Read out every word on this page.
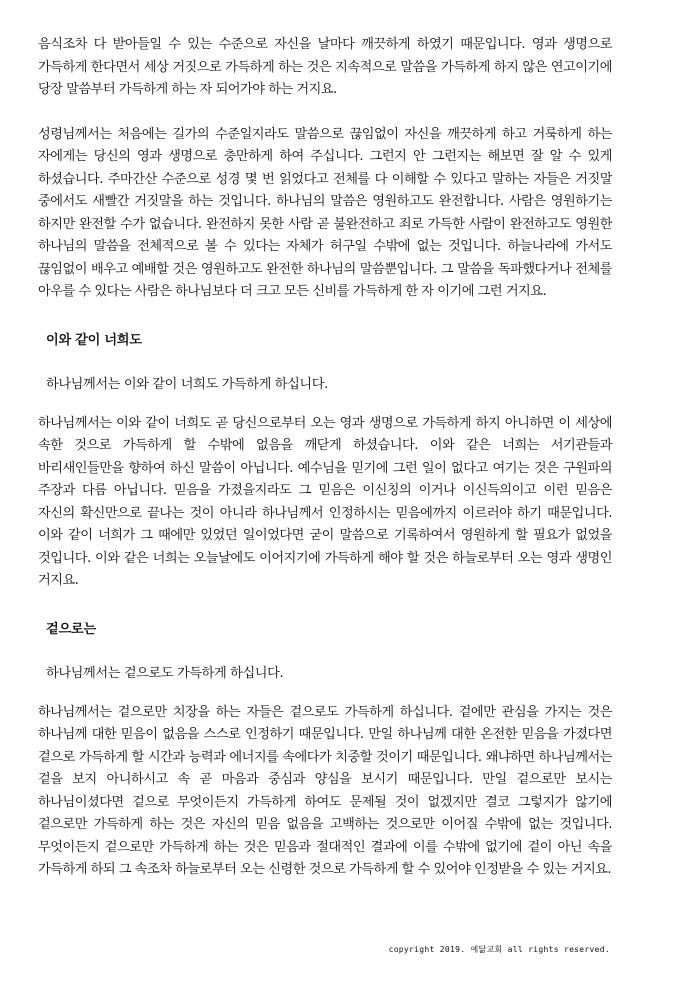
음식조차 다 받아들일 수 있는 수준으로 자신을 날마다 깨끗하게 하였기 때문입니다. 영과 생명으로 가득하게 한다면서 세상 거짓으로 가득하게 하는 것은 지속적으로 말씀을 가득하게 하지 않은 연고이기에 당장 말씀부터 가득하게 하는 자 되어가야 하는 거지요.

성령님께서는 처음에는 길가의 수준일지라도 말씀으로 끊임없이 자신을 깨끗하게 하고 거룩하게 하는 자에게는 당신의 영과 생명으로 충만하게 하여 주십니다. 그런지 안 그런지는 해보면 잘 알 수 있게 하셨습니다. 주마간산 수준으로 성경 몇 번 읽었다고 전체를 다 이해할 수 있다고 말하는 자들은 거짓말 중에서도 새빨간 거짓말을 하는 것입니다. 하나님의 말씀은 영원하고도 완전합니다. 사람은 영원하기는 하지만 완전할 수가 없습니다. 완전하지 못한 사람 곧 불완전하고 죄로 가득한 사람이 완전하고도 영원한 하나님의 말씀을 전체적으로 볼 수 있다는 자체가 허구일 수밖에 없는 것입니다. 하늘나라에 가서도 끊임없이 배우고 예배할 것은 영원하고도 완전한 하나님의 말씀뿐입니다. 그 말씀을 독파했다거나 전체를 아우를 수 있다는 사람은 하나님보다 더 크고 모든 신비를 가득하게 한 자 이기에 그런 거지요.

이와 같이 너희도

하나님께서는 이와 같이 너희도 가득하게 하십니다.

하나님께서는 이와 같이 너희도 곧 당신으로부터 오는 영과 생명으로 가득하게 하지 아니하면 이 세상에 속한 것으로 가득하게 할 수밖에 없음을 깨닫게 하셨습니다. 이와 같은 너희는 서기관들과 바리새인들만을 향하여 하신 말씀이 아닙니다. 예수님을 믿기에 그런 일이 없다고 여기는 것은 구원파의 주장과 다름 아닙니다. 믿음을 가졌을지라도 그 믿음은 이신칭의 이거나 이신득의이고 이런 믿음은 자신의 확신만으로 끝나는 것이 아니라 하나님께서 인정하시는 믿음에까지 이르러야 하기 때문입니다. 이와 같이 너희가 그 때에만 있었던 일이었다면 굳이 말씀으로 기록하여서 영원하게 할 필요가 없었을 것입니다. 이와 같은 너희는 오늘날에도 이어지기에 가득하게 해야 할 것은 하늘로부터 오는 영과 생명인 거지요.

겉으로는

하나님께서는 겉으로도 가득하게 하십니다.

하나님께서는 겉으로만 치장을 하는 자들은 겉으로도 가득하게 하십니다. 겉에만 관심을 가지는 것은 하나님께 대한 믿음이 없음을 스스로 인정하기 때문입니다. 만일 하나님께 대한 온전한 믿음을 가졌다면 겉으로 가득하게 할 시간과 능력과 에너지를 속에다가 치중할 것이기 때문입니다. 왜냐하면 하나님께서는 겉을 보지 아니하시고 속 곧 마음과 중심과 양심을 보시기 때문입니다. 만일 겉으로만 보시는 하나님이셨다면 겉으로 무엇이든지 가득하게 하여도 문제될 것이 없겠지만 결코 그렇지가 않기에 겉으로만 가득하게 하는 것은 자신의 믿음 없음을 고백하는 것으로만 이어질 수밖에 없는 것입니다. 무엇이든지 겉으로만 가득하게 하는 것은 믿음과 절대적인 결과에 이를 수밖에 없기에 겉이 아닌 속을 가득하게 하되 그 속조차 하늘로부터 오는 신령한 것으로 가득하게 할 수 있어야 인정받을 수 있는 거지요.

copyright 2019. 예닮교회 all rights reserved.
